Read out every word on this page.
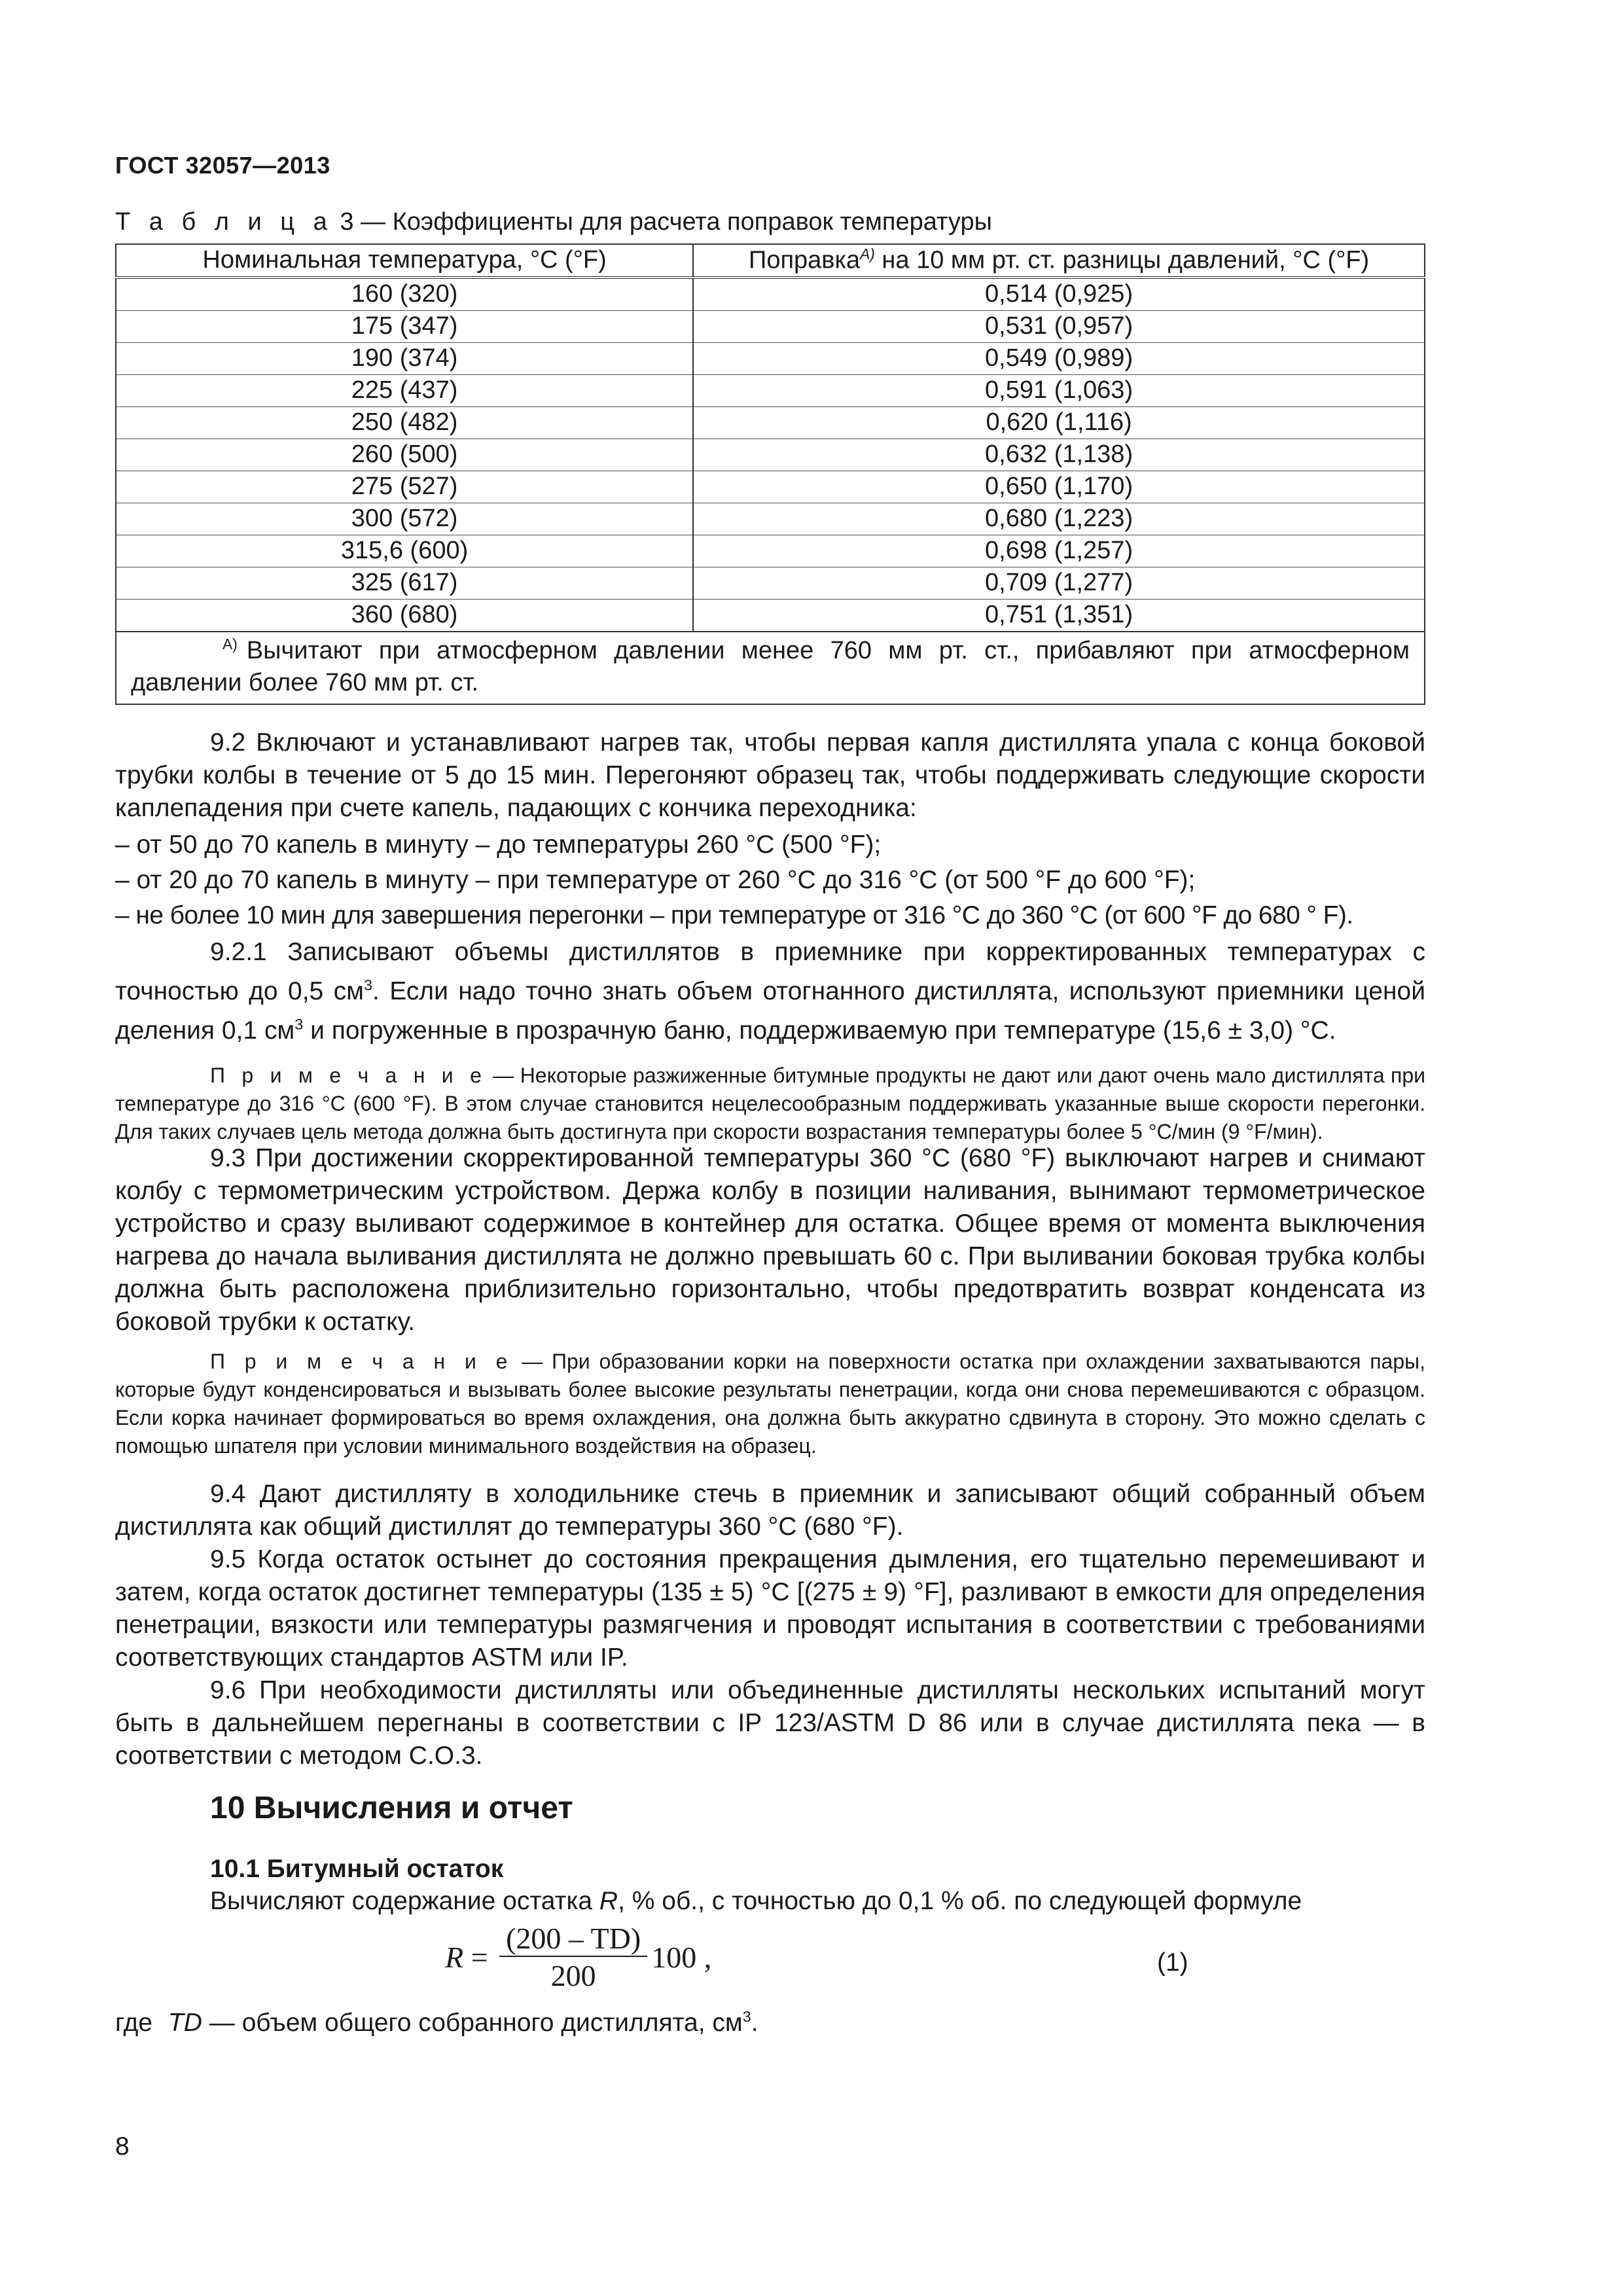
ГОСТ 32057—2013
Т а б л и ц а 3 — Коэффициенты для расчета поправок температуры
Номинальная температура, °С (°F)	Поправка$^{А)}$ на 10 мм рт. ст. разницы давлений, °С (°F)
160 (320)	0,514 (0,925)
175 (347)	0,531 (0,957)
190 (374)	0,549 (0,989)
225 (437)	0,591 (1,063)
250 (482)	0,620 (1,116)
260 (500)	0,632 (1,138)
275 (527)	0,650 (1,170)
300 (572)	0,680 (1,223)
315,6 (600)	0,698 (1,257)
325 (617)	0,709 (1,277)
360 (680)	0,751 (1,351)
$^{А)}$ Вычитают при атмосферном давлении менее 760 мм рт. ст., прибавляют при атмосферном давлении более 760 мм рт. ст.	

9.2 Включают и устанавливают нагрев так, чтобы первая капля дистиллята упала с конца боковой трубки колбы в течение от 5 до 15 мин. Перегоняют образец так, чтобы поддерживать следующие скорости каплепадения при счете капель, падающих с кончика переходника:

– от 50 до 70 капель в минуту – до температуры 260 °С (500 °F);

– от 20 до 70 капель в минуту – при температуре от 260 °С до 316 °С (от 500 °F до 600 °F);

– не более 10 мин для завершения перегонки – при температуре от 316 °С до 360 °С (от 600 °F до 680 ° F).

9.2.1 Записывают объемы дистиллятов в приемнике при корректированных температурах с точностью до 0,5 $см^3$. Если надо точно знать объем отогнанного дистиллята, используют приемники ценой деления 0,1 $см^3$ и погруженные в прозрачную баню, поддерживаемую при температуре (15,6 ± 3,0) °С.

П р и м е ч а н и е — Некоторые разжиженные битумные продукты не дают или дают очень мало дистиллята при температуре до 316 °С (600 °F). В этом случае становится нецелесообразным поддерживать указанные выше скорости перегонки. Для таких случаев цель метода должна быть достигнута при скорости возрастания температуры более 5 °С/мин (9 °F/мин).

9.3 При достижении скорректированной температуры 360 °С (680 °F) выключают нагрев и снимают колбу с термометрическим устройством. Держа колбу в позиции наливания, вынимают термометрическое устройство и сразу выливают содержимое в контейнер для остатка. Общее время от момента выключения нагрева до начала выливания дистиллята не должно превышать 60 с. При выливании боковая трубка колбы должна быть расположена приблизительно горизонтально, чтобы предотвратить возврат конденсата из боковой трубки к остатку.

П р и м е ч а н и е — При образовании корки на поверхности остатка при охлаждении захватываются пары, которые будут конденсироваться и вызывать более высокие результаты пенетрации, когда они снова перемешиваются с образцом. Если корка начинает формироваться во время охлаждения, она должна быть аккуратно сдвинута в сторону. Это можно сделать с помощью шпателя при условии минимального воздействия на образец.

9.4 Дают дистилляту в холодильнике стечь в приемник и записывают общий собранный объем дистиллята как общий дистиллят до температуры 360 °С (680 °F).

9.5 Когда остаток остынет до состояния прекращения дымления, его тщательно перемешивают и затем, когда остаток достигнет температуры (135 ± 5) °С [(275 ± 9) °F], разливают в емкости для определения пенетрации, вязкости или температуры размягчения и проводят испытания в соответствии с требованиями соответствующих стандартов ASTM или IP.

9.6 При необходимости дистилляты или объединенные дистилляты нескольких испытаний могут быть в дальнейшем перегнаны в соответствии с IP 123/ASTM D 86 или в случае дистиллята пека — в соответствии с методом С.О.3.

10 Вычисления и отчет
10.1 Битумный остаток
Вычисляют содержание остатка R, % об., с точностью до 0,1 % об. по следующей формуле
$R = \frac{(200 - TD)}{200} 100$ ,	(1)
где TD — объем общего собранного дистиллята, $см^3$.
8
